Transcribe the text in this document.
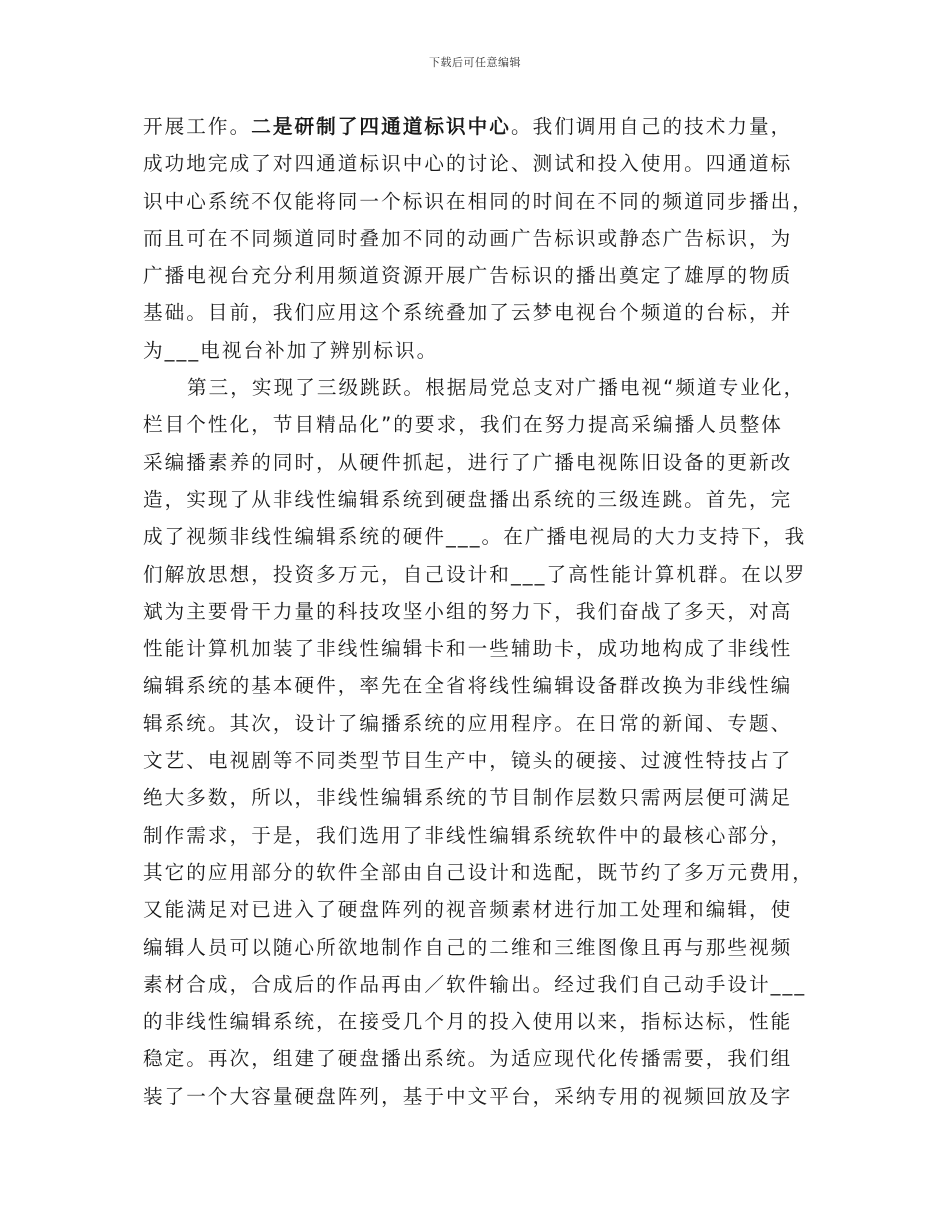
下载后可任意编辑
开展工作。二是研制了四通道标识中心。我们调用自己的技术力量，
成功地完成了对四通道标识中心的讨论、测试和投入使用。四通道标
识中心系统不仅能将同一个标识在相同的时间在不同的频道同步播出，
而且可在不同频道同时叠加不同的动画广告标识或静态广告标识，为
广播电视台充分利用频道资源开展广告标识的播出奠定了雄厚的物质
基础。目前，我们应用这个系统叠加了云梦电视台个频道的台标，并
为___电视台补加了辨别标识。
第三，实现了三级跳跃。根据局党总支对广播电视“频道专业化，
栏目个性化，节目精品化”的要求，我们在努力提高采编播人员整体
采编播素养的同时，从硬件抓起，进行了广播电视陈旧设备的更新改
造，实现了从非线性编辑系统到硬盘播出系统的三级连跳。首先，完
成了视频非线性编辑系统的硬件___。在广播电视局的大力支持下，我
们解放思想，投资多万元，自己设计和___了高性能计算机群。在以罗
斌为主要骨干力量的科技攻坚小组的努力下，我们奋战了多天，对高
性能计算机加装了非线性编辑卡和一些辅助卡，成功地构成了非线性
编辑系统的基本硬件，率先在全省将线性编辑设备群改换为非线性编
辑系统。其次，设计了编播系统的应用程序。在日常的新闻、专题、
文艺、电视剧等不同类型节目生产中，镜头的硬接、过渡性特技占了
绝大多数，所以，非线性编辑系统的节目制作层数只需两层便可满足
制作需求，于是，我们选用了非线性编辑系统软件中的最核心部分，
其它的应用部分的软件全部由自己设计和选配，既节约了多万元费用，
又能满足对已进入了硬盘阵列的视音频素材进行加工处理和编辑，使
编辑人员可以随心所欲地制作自己的二维和三维图像且再与那些视频
素材合成，合成后的作品再由／软件输出。经过我们自己动手设计___
的非线性编辑系统，在接受几个月的投入使用以来，指标达标，性能
稳定。再次，组建了硬盘播出系统。为适应现代化传播需要，我们组
装了一个大容量硬盘阵列，基于中文平台，采纳专用的视频回放及字
